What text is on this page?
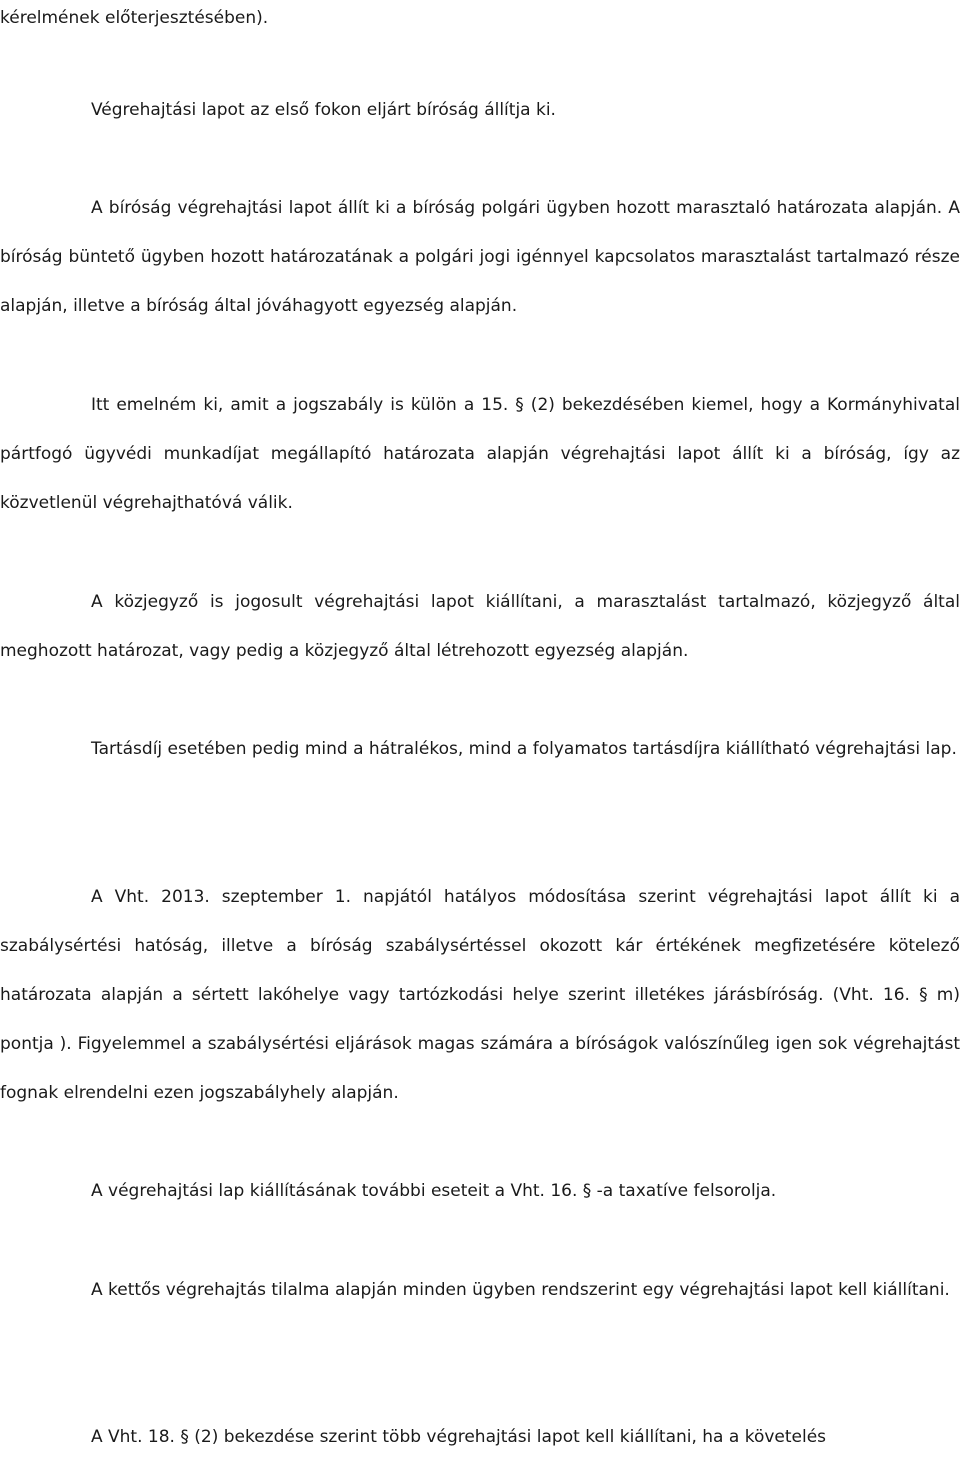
kérelmének előterjesztésében).

Végrehajtási lapot az első fokon eljárt bíróság állítja ki.

A bíróság végrehajtási lapot állít ki a bíróság polgári ügyben hozott marasztaló határozata alapján. A bíróság büntető ügyben hozott határozatának a polgári jogi igénnyel kapcsolatos marasztalást tartalmazó része alapján, illetve a bíróság által jóváhagyott egyezség alapján.

Itt emelném ki, amit a jogszabály is külön a 15. § (2) bekezdésében kiemel, hogy a Kormányhivatal pártfogó ügyvédi munkadíjat megállapító határozata alapján végrehajtási lapot állít ki a bíróság, így az közvetlenül végrehajthatóvá válik.

A közjegyző is jogosult végrehajtási lapot kiállítani, a marasztalást tartalmazó, közjegyző által meghozott határozat, vagy pedig a közjegyző által létrehozott egyezség alapján.

Tartásdíj esetében pedig mind a hátralékos, mind a folyamatos tartásdíjra kiállítható végrehajtási lap.

A Vht. 2013. szeptember 1. napjától hatályos módosítása szerint végrehajtási lapot állít ki a szabálysértési hatóság, illetve a bíróság szabálysértéssel okozott kár értékének megfizetésére kötelező határozata alapján a sértett lakóhelye vagy tartózkodási helye szerint illetékes járásbíróság. (Vht. 16. § m) pontja ). Figyelemmel a szabálysértési eljárások magas számára a bíróságok valószínűleg igen sok végrehajtást fognak elrendelni ezen jogszabályhely alapján.

A végrehajtási lap kiállításának további eseteit a Vht. 16. § -a taxatíve felsorolja.

A kettős végrehajtás tilalma alapján minden ügyben rendszerint egy végrehajtási lapot kell kiállítani.

A Vht. 18. § (2) bekezdése szerint több végrehajtási lapot kell kiállítani, ha a követelés
